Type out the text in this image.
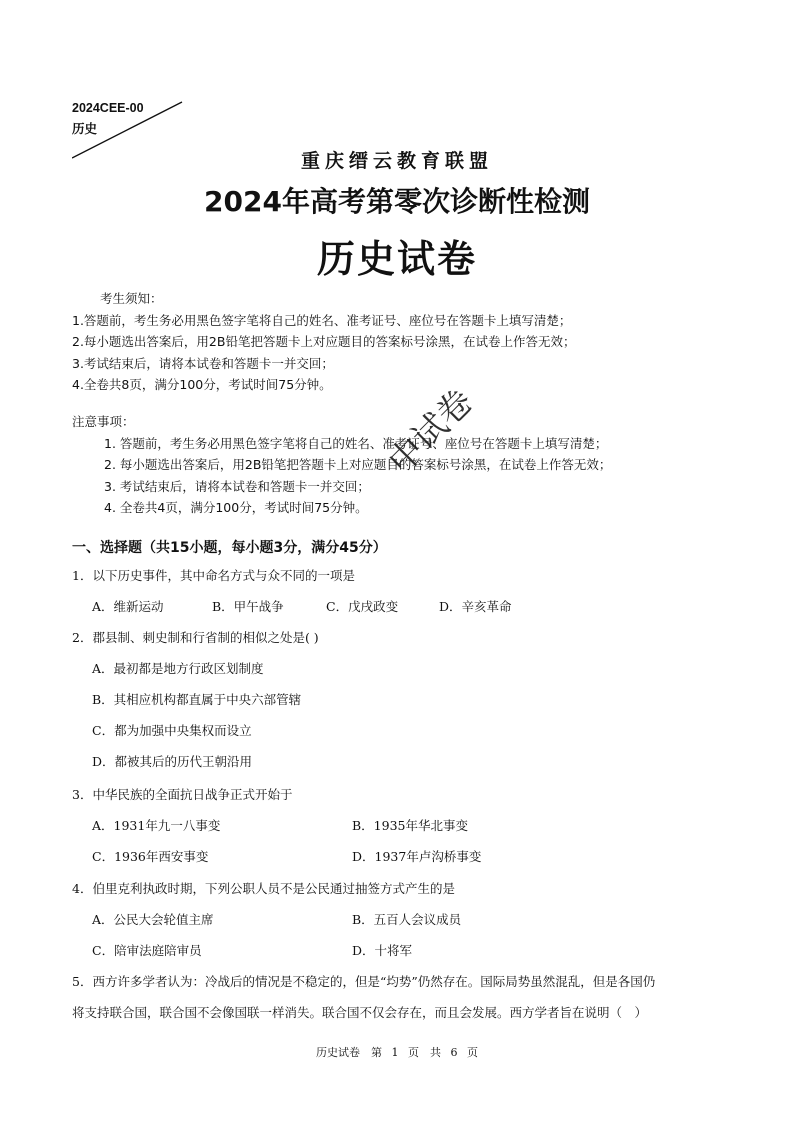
2024CEE-00
历史
重庆缙云教育联盟
2024年高考第零次诊断性检测
历史试卷
考生须知：
1.答题前，考生务必用黑色签字笔将自己的姓名、准考证号、座位号在答题卡上填写清楚；
2.每小题选出答案后，用2B铅笔把答题卡上对应题目的答案标号涂黑，在试卷上作答无效；
3.考试结束后，请将本试卷和答题卡一并交回；
4.全卷共8页，满分100分，考试时间75分钟。
注意事项：
1. 答题前，考生务必用黑色签字笔将自己的姓名、准考证号、座位号在答题卡上填写清楚；
2. 每小题选出答案后，用2B铅笔把答题卡上对应题目的答案标号涂黑，在试卷上作答无效；
3. 考试结束后，请将本试卷和答题卡一并交回；
4. 全卷共4页，满分100分，考试时间75分钟。
中试卷
一、选择题（共15小题，每小题3分，满分45分）
1．以下历史事件，其中命名方式与众不同的一项是
A．维新运动	B．甲午战争	C．戊戌政变	D．辛亥革命
2．郡县制、刺史制和行省制的相似之处是( )
A．最初都是地方行政区划制度
B．其相应机构都直属于中央六部管辖
C．都为加强中央集权而设立
D．都被其后的历代王朝沿用
3．中华民族的全面抗日战争正式开始于
A．1931年九一八事变	B．1935年华北事变
C．1936年西安事变	D．1937年卢沟桥事变
4．伯里克利执政时期，下列公职人员不是公民通过抽签方式产生的是
A．公民大会轮值主席	B．五百人会议成员
C．陪审法庭陪审员	D．十将军
5．西方许多学者认为：冷战后的情况是不稳定的，但是“均势”仍然存在。国际局势虽然混乱，但是各国仍
将支持联合国，联合国不会像国联一样消失。联合国不仅会存在，而且会发展。西方学者旨在说明（　）
历史试卷　第 1 页　共 6 页
